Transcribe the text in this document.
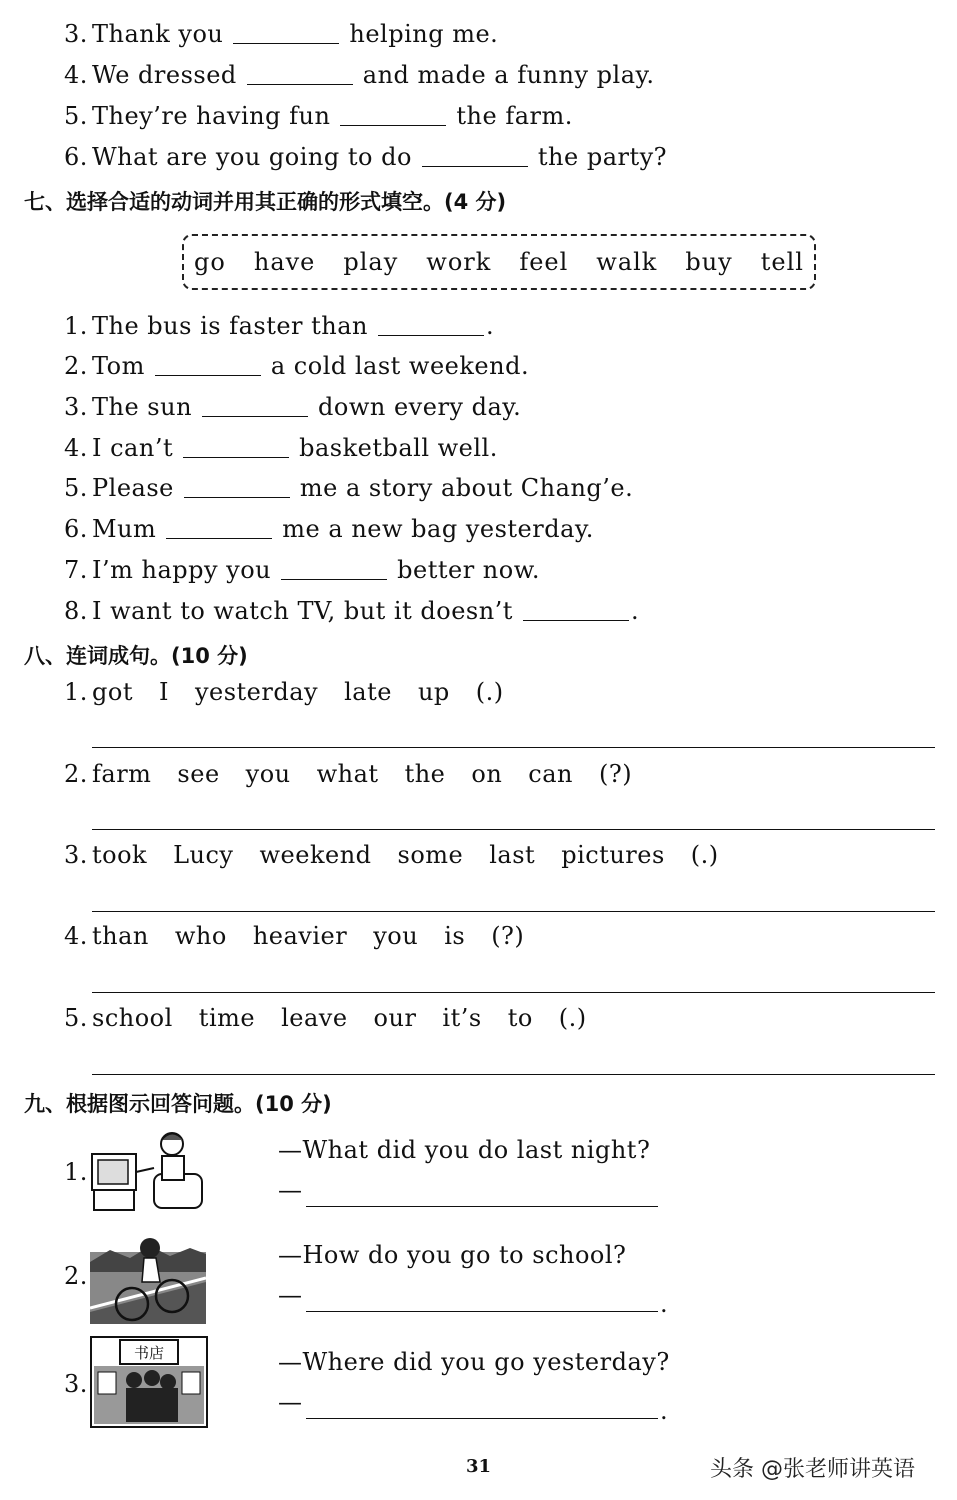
3. Thank you	helping me.
4. We dressed	and made a funny play.
5. They’re having fun	the farm.
6. What are you going to do	the party?
七、选择合适的动词并用其正确的形式填空。(4 分)
go have play work feel walk buy tell
1. The bus is faster than	.
2. Tom	a cold last weekend.
3. The sun	down every day.
4. I can’t	basketball well.
5. Please	me a story about Chang’e.
6. Mum	me a new bag yesterday.
7. I’m happy you	better now.
8. I want to watch TV, but it doesn’t	.
八、连词成句。(10 分)
1. got I yesterday late up (.)
2. farm see you what the on can (?)
3. took Lucy weekend some last pictures (.)
4. than who heavier you is (?)
5. school time leave our it’s to (.)
九、根据图示回答问题。(10 分)
1.
—What did you do last night?
—
2.
—How do you go to school?
—	.
3.
书店	—Where did you go yesterday?
—	.
31	头条 @张老师讲英语
